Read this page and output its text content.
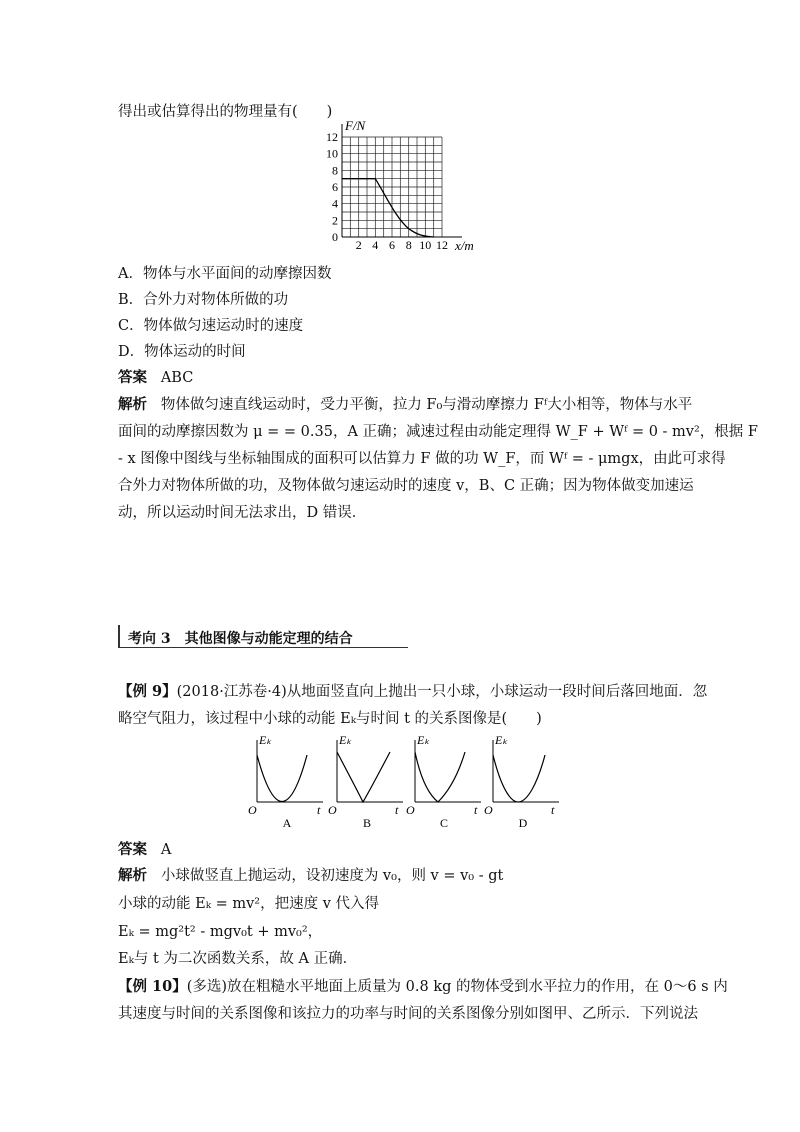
得出或估算得出的物理量有(　　)
F/N
x/m
12
10
8
6
4
2
0
2 4 6 8 10 12
A．物体与水平面间的动摩擦因数
B．合外力对物体所做的功
C．物体做匀速运动时的速度
D．物体运动的时间
答案 ABC
解析 物体做匀速直线运动时，受力平衡，拉力 F₀与滑动摩擦力 Fᶠ大小相等，物体与水平
面间的动摩擦因数为 μ = = 0.35，A 正确；减速过程由动能定理得 W_F + Wᶠ = 0 - mv²，根据 F
- x 图像中图线与坐标轴围成的面积可以估算力 F 做的功 W_F，而 Wᶠ = - μmgx，由此可求得
合外力对物体所做的功，及物体做匀速运动时的速度 v，B、C 正确；因为物体做变加速运
动，所以运动时间无法求出，D 错误．
考向 3　其他图像与动能定理的结合
【例 9】(2018·江苏卷·4)从地面竖直向上抛出一只小球，小球运动一段时间后落回地面．忽
略空气阻力，该过程中小球的动能 Eₖ与时间 t 的关系图像是(　　)
Eₖ
t
O
A
Eₖ
t
O
B
Eₖ
t
O
C
Eₖ
t
O
D
答案 A
解析 小球做竖直上抛运动，设初速度为 v₀，则 v = v₀ - gt
小球的动能 Eₖ = mv²，把速度 v 代入得
Eₖ = mg²t² - mgv₀t + mv₀²，
Eₖ与 t 为二次函数关系，故 A 正确．
【例 10】(多选)放在粗糙水平地面上质量为 0.8 kg 的物体受到水平拉力的作用，在 0～6 s 内
其速度与时间的关系图像和该拉力的功率与时间的关系图像分别如图甲、乙所示．下列说法
